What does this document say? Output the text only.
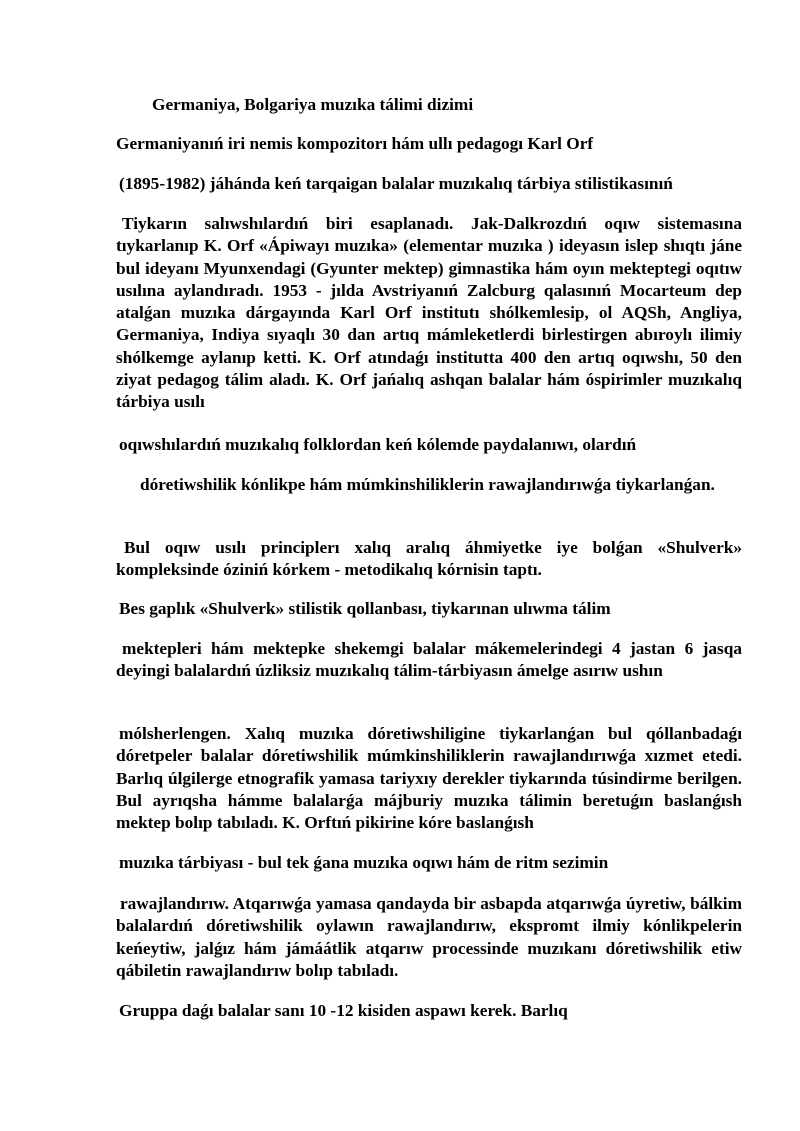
Germaniya, Bolgariya muzıka tálimi dizimi

Germaniyanıń iri nemis kompozitorı hám ullı pedagogı Karl Orf

(1895-1982) jáhánda keń tarqaigan balalar muzıkalıq tárbiya stilistikasınıń

Tiykarın salıwshılardıń biri esaplanadı. Jak-Dalkrozdıń oqıw sistemasına tıykarlanıp K. Orf «Ápiwayı muzıka» (elementar muzıka ) ideyasın islep shıqtı jáne bul ideyanı Myunxendagi (Gyunter mektep) gimnastika hám oyın mekteptegi oqıtıw usılına aylandıradı. 1953 - jılda Avstriyanıń Zalcburg qalasınıń Mocarteum dep atalǵan muzıka dárgayında Karl Orf institutı shólkemlesip, ol AQSh, Angliya, Germaniya, Indiya sıyaqlı 30 dan artıq mámleketlerdi birlestirgen abıroylı ilimiy shólkemge aylanıp ketti. K. Orf atındaǵı institutta 400 den artıq oqıwshı, 50 den ziyat pedagog tálim aladı. K. Orf jańalıq ashqan balalar hám óspirimler muzıkalıq tárbiya usılı

oqıwshılardıń muzıkalıq folklordan keń kólemde paydalanıwı, olardıń

dóretiwshilik kónlikpe hám múmkinshiliklerin rawajlandırıwǵa tiykarlanǵan.

Bul oqıw usılı principlerı xalıq aralıq áhmiyetke iye bolǵan «Shulverk» kompleksinde óziniń kórkem - metodikalıq kórnisin taptı.

Bes gaplık «Shulverk» stilistik qollanbası, tiykarınan ulıwma tálim

mektepleri hám mektepke shekemgi balalar mákemelerindegi 4 jastan 6 jasqa deyingi balalardıń úzliksiz muzıkalıq tálim-tárbiyasın ámelge asırıw ushın

mólsherlengen. Xalıq muzıka dóretiwshiligine tiykarlanǵan bul qóllanbadaǵı dóretpeler balalar dóretiwshilik múmkinshiliklerin rawajlandırıwǵa xızmet etedi. Barlıq úlgilerge etnografik yamasa tariyxıy derekler tiykarında túsindirme berilgen. Bul ayrıqsha hámme balalarǵa májburiy muzıka tálimin beretuǵın baslanǵısh mektep bolıp tabıladı. K. Orftıń pikirine kóre baslanǵısh

muzıka tárbiyası - bul tek ǵana muzıka oqıwı hám de ritm sezimin

rawajlandırıw. Atqarıwǵa yamasa qandayda bir asbapda atqarıwǵa úyretiw, bálkim balalardıń dóretiwshilik oylawın rawajlandırıw, ekspromt ilmiy kónlikpelerin keńeytiw, jalǵız hám jámáátlik atqarıw processinde muzıkanı dóretiwshilik etiw qábiletin rawajlandırıw bolıp tabıladı.

Gruppa daǵı balalar sanı 10 -12 kisiden aspawı kerek. Barlıq
